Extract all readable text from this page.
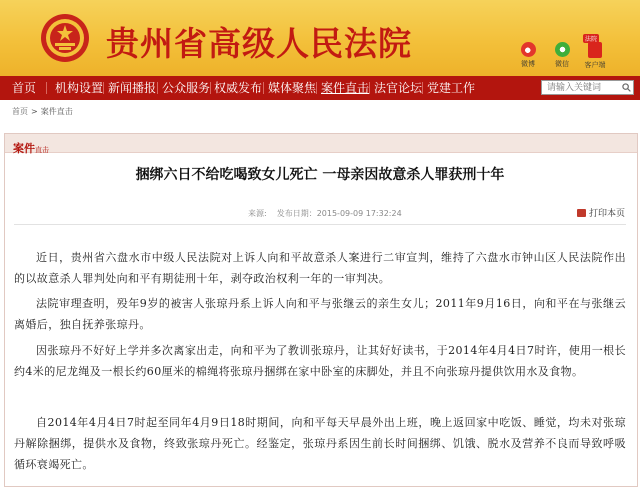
贵州省高级人民法院
微博	微信
法院
客户端
首页 机构设置 新闻播报 公众服务 权威发布 媒体聚焦 案件直击 法官论坛 党建工作
请输入关键词
首页 > 案件直击
案件直击
捆绑六日不给吃喝致女儿死亡 一母亲因故意杀人罪获刑十年
来源: 发布日期：2015-09-09 17:32:24	打印本页
近日，贵州省六盘水市中级人民法院对上诉人向和平故意杀人案进行二审宣判，维持了六盘水市钟山区人民法院作出的以故意杀人罪判处向和平有期徒刑十年，剥夺政治权利一年的一审判决。
法院审理查明，殁年9岁的被害人张琼丹系上诉人向和平与张继云的亲生女儿；2011年9月16日，向和平在与张继云离婚后，独自抚养张琼丹。
因张琼丹不好好上学并多次离家出走，向和平为了教训张琼丹，让其好好读书，于2014年4月4日7时许，使用一根长约4米的尼龙绳及一根长约60厘米的棉绳将张琼丹捆绑在家中卧室的床脚处，并且不向张琼丹提供饮用水及食物。
自2014年4月4日7时起至同年4月9日18时期间，向和平每天早晨外出上班，晚上返回家中吃饭、睡觉，均未对张琼丹解除捆绑，提供水及食物，终致张琼丹死亡。经鉴定，张琼丹系因生前长时间捆绑、饥饿、脱水及营养不良而导致呼吸循环衰竭死亡。
